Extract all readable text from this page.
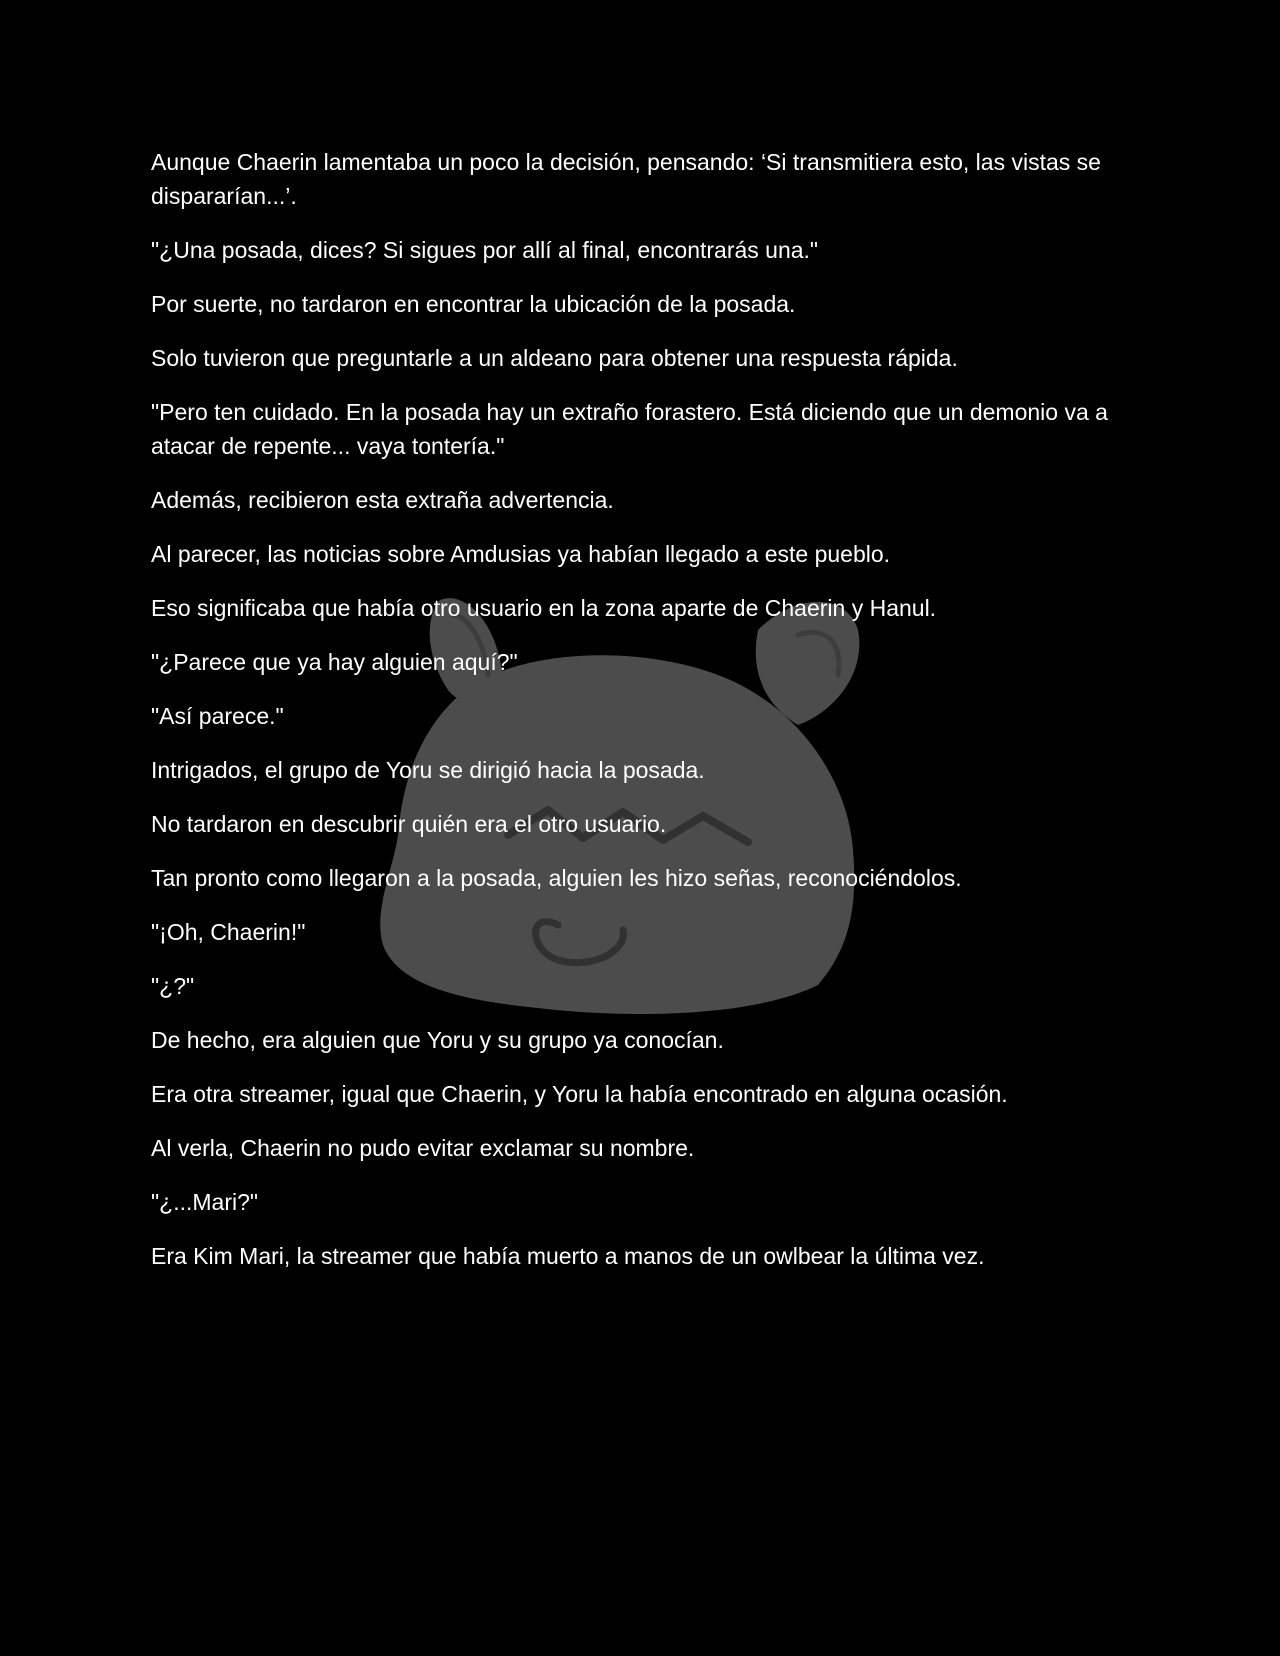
Aunque Chaerin lamentaba un poco la decisión, pensando: ‘Si transmitiera esto, las vistas se dispararían...’.

"¿Una posada, dices? Si sigues por allí al final, encontrarás una."

Por suerte, no tardaron en encontrar la ubicación de la posada.

Solo tuvieron que preguntarle a un aldeano para obtener una respuesta rápida.

"Pero ten cuidado. En la posada hay un extraño forastero. Está diciendo que un demonio va a atacar de repente... vaya tontería."

Además, recibieron esta extraña advertencia.

Al parecer, las noticias sobre Amdusias ya habían llegado a este pueblo.

Eso significaba que había otro usuario en la zona aparte de Chaerin y Hanul.

"¿Parece que ya hay alguien aquí?"

"Así parece."

Intrigados, el grupo de Yoru se dirigió hacia la posada.

No tardaron en descubrir quién era el otro usuario.

Tan pronto como llegaron a la posada, alguien les hizo señas, reconociéndolos.

"¡Oh, Chaerin!"

"¿?"

De hecho, era alguien que Yoru y su grupo ya conocían.

Era otra streamer, igual que Chaerin, y Yoru la había encontrado en alguna ocasión.

Al verla, Chaerin no pudo evitar exclamar su nombre.

"¿...Mari?"

Era Kim Mari, la streamer que había muerto a manos de un owlbear la última vez.
